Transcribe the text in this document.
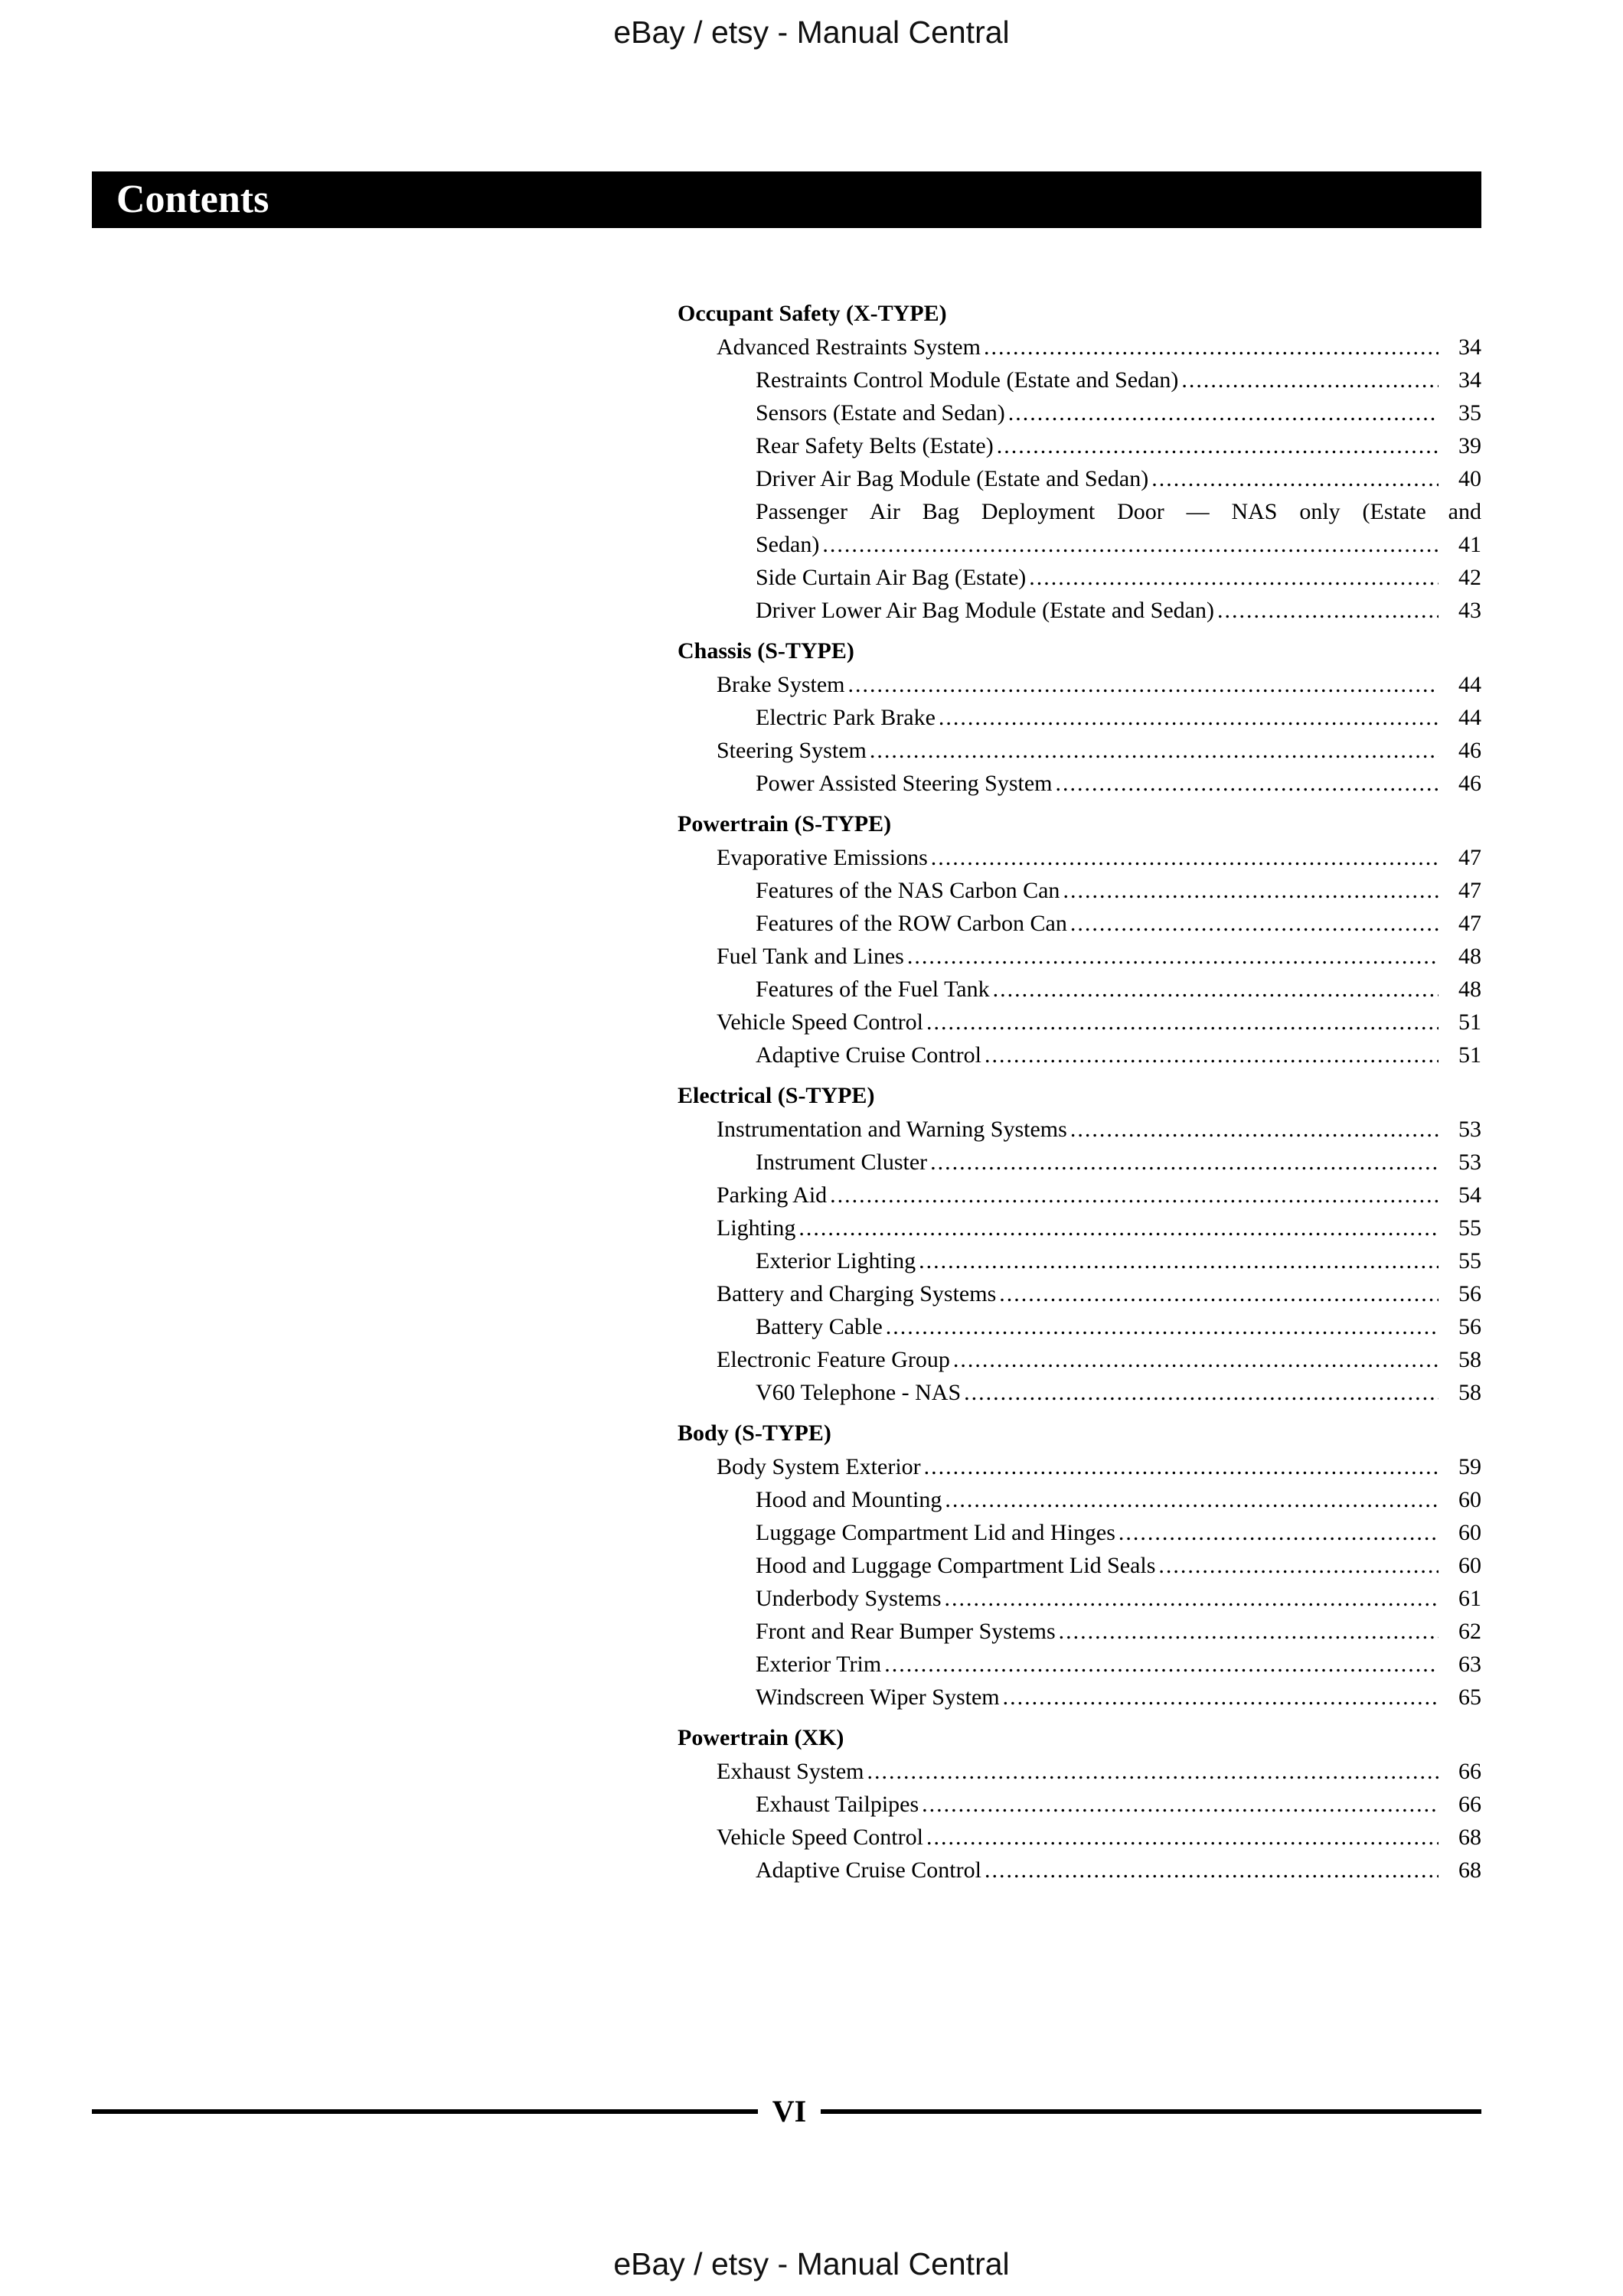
eBay / etsy - Manual Central
Contents
Occupant Safety (X-TYPE)
Advanced Restraints System .....	34
Restraints Control Module (Estate and Sedan) .....	34
Sensors (Estate and Sedan) .....	35
Rear Safety Belts (Estate) .....	39
Driver Air Bag Module (Estate and Sedan) .....	40
Passenger Air Bag Deployment Door — NAS only (Estate and
Sedan) .....	41
Side Curtain Air Bag (Estate) .....	42
Driver Lower Air Bag Module (Estate and Sedan) .....	43
Chassis (S-TYPE)
Brake System .....	44
Electric Park Brake .....	44
Steering System .....	46
Power Assisted Steering System .....	46
Powertrain (S-TYPE)
Evaporative Emissions .....	47
Features of the NAS Carbon Can .....	47
Features of the ROW Carbon Can .....	47
Fuel Tank and Lines .....	48
Features of the Fuel Tank .....	48
Vehicle Speed Control .....	51
Adaptive Cruise Control .....	51
Electrical (S-TYPE)
Instrumentation and Warning Systems .....	53
Instrument Cluster .....	53
Parking Aid .....	54
Lighting .....	55
Exterior Lighting .....	55
Battery and Charging Systems .....	56
Battery Cable .....	56
Electronic Feature Group .....	58
V60 Telephone - NAS .....	58
Body (S-TYPE)
Body System Exterior .....	59
Hood and Mounting .....	60
Luggage Compartment Lid and Hinges .....	60
Hood and Luggage Compartment Lid Seals .....	60
Underbody Systems .....	61
Front and Rear Bumper Systems .....	62
Exterior Trim .....	63
Windscreen Wiper System .....	65
Powertrain (XK)
Exhaust System .....	66
Exhaust Tailpipes .....	66
Vehicle Speed Control .....	68
Adaptive Cruise Control .....	68
VI
eBay / etsy - Manual Central
